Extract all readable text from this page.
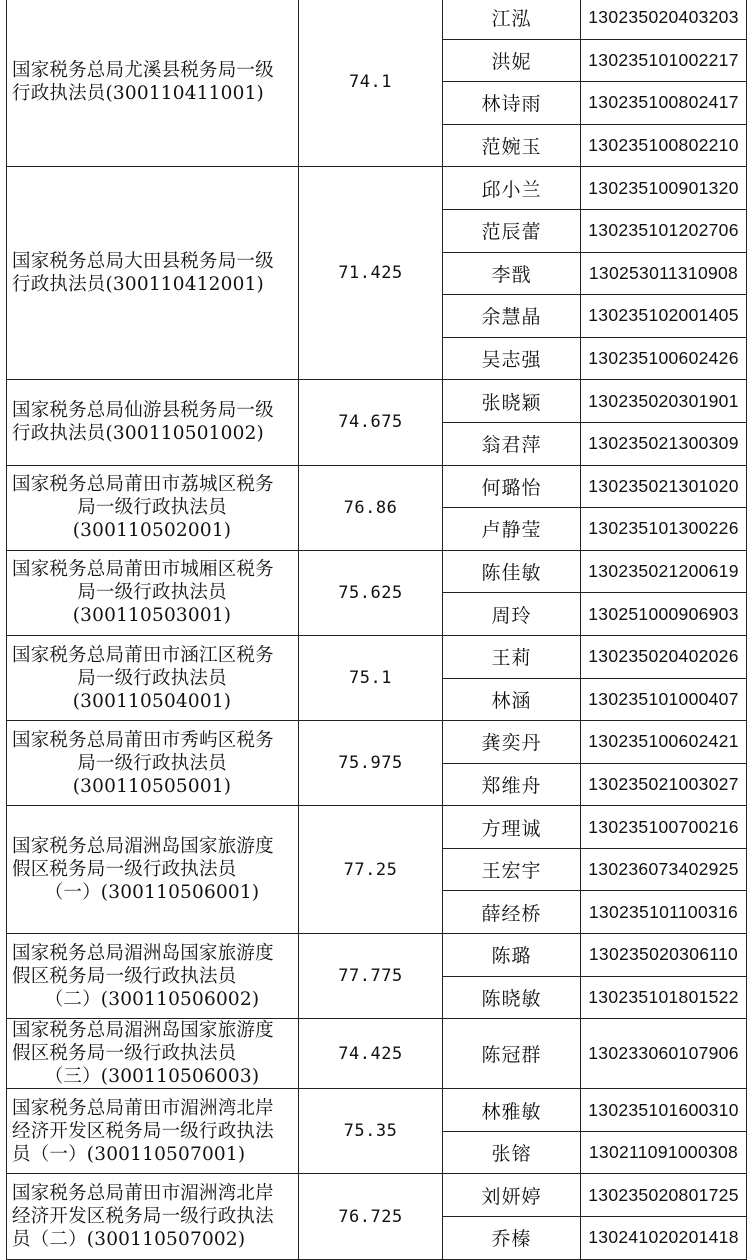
国家税务总局尤溪县税务局一级
行政执法员(300110411001)	74.1	江泓	130235020403203
		洪妮	130235101002217
		林诗雨	130235100802417
		范婉玉	130235100802210

国家税务总局大田县税务局一级
行政执法员(300110412001)	71.425	邱小兰	130235100901320
		范辰蕾	130235101202706
		李戬	130253011310908
		余慧晶	130235102001405
		吴志强	130235100602426

国家税务总局仙游县税务局一级
行政执法员(300110501002)	74.675	张晓颖	130235020301901
		翁君萍	130235021300309

国家税务总局莆田市荔城区税务
局一级行政执法员
(300110502001)	76.86	何璐怡	130235021301020
		卢静莹	130235101300226

国家税务总局莆田市城厢区税务
局一级行政执法员
(300110503001)	75.625	陈佳敏	130235021200619
		周玲	130251000906903

国家税务总局莆田市涵江区税务
局一级行政执法员
(300110504001)	75.1	王莉	130235020402026
		林涵	130235101000407

国家税务总局莆田市秀屿区税务
局一级行政执法员
(300110505001)	75.975	龚奕丹	130235100602421
		郑维舟	130235021003027

国家税务总局湄洲岛国家旅游度
假区税务局一级行政执法员
（一）(300110506001)	77.25	方理诚	130235100700216
		王宏宇	130236073402925
		薛经桥	130235101100316

国家税务总局湄洲岛国家旅游度
假区税务局一级行政执法员
（二）(300110506002)	77.775	陈璐	130235020306110
		陈晓敏	130235101801522

国家税务总局湄洲岛国家旅游度
假区税务局一级行政执法员
（三）(300110506003)	74.425	陈冠群	130233060107906

国家税务总局莆田市湄洲湾北岸
经济开发区税务局一级行政执法
员（一）(300110507001)	75.35	林雅敏	130235101600310
		张镕	130211091000308

国家税务总局莆田市湄洲湾北岸
经济开发区税务局一级行政执法
员（二）(300110507002)	76.725	刘妍婷	130235020801725
		乔榛	130241020201418
